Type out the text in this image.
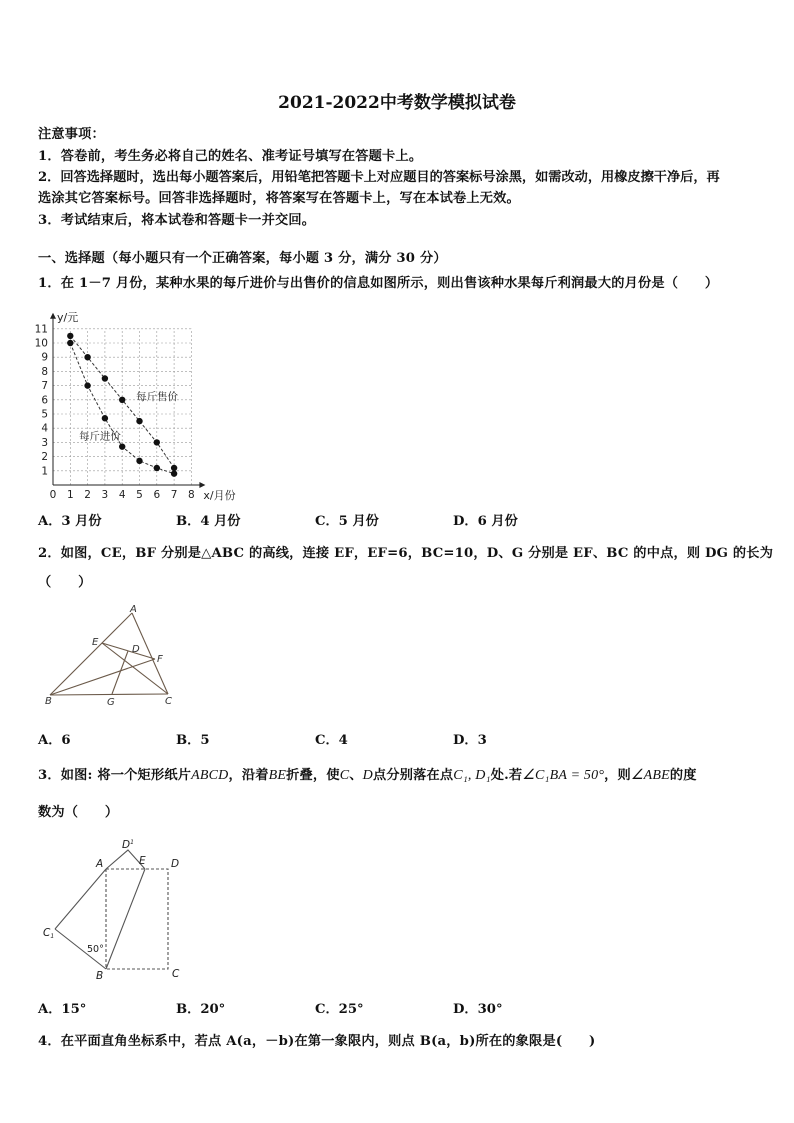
2021-2022中考数学模拟试卷
注意事项：
1．答卷前，考生务必将自己的姓名、准考证号填写在答题卡上。
2．回答选择题时，选出每小题答案后，用铅笔把答题卡上对应题目的答案标号涂黑，如需改动，用橡皮擦干净后，再
选涂其它答案标号。回答非选择题时，将答案写在答题卡上，写在本试卷上无效。
3．考试结束后，将本试卷和答题卡一并交回。
一、选择题（每小题只有一个正确答案，每小题 3 分，满分 30 分）
1．在 1－7 月份，某种水果的每斤进价与出售价的信息如图所示，则出售该种水果每斤利润最大的月份是（　　）
0 1 2 3 4 5 6 7 8
1
2
3
4
5
6
7
8
9
10
11
x/月份
y/元
每斤售价
每斤进价
A．3 月份	B．4 月份	C．5 月份	D．6 月份
2．如图，CE，BF 分别是△ABC 的高线，连接 EF，EF=6，BC=10，D、G 分别是 EF、BC 的中点，则 DG 的长为
（　　）
A
E
D
F
B	G	C
A．6	B．5	C．4	D．3
3．如图: 将一个矩形纸片ABCD，沿着BE折叠，使C、D点分别落在点C₁, D₁处.若∠C₁BA = 50°，则∠ABE的度
数为（　　）
A
$D^1$
E D
C1
50°
B	C
A．15°	B．20°	C．25°	D．30°
4．在平面直角坐标系中，若点 A(a，－b)在第一象限内，则点 B(a，b)所在的象限是(　　)
